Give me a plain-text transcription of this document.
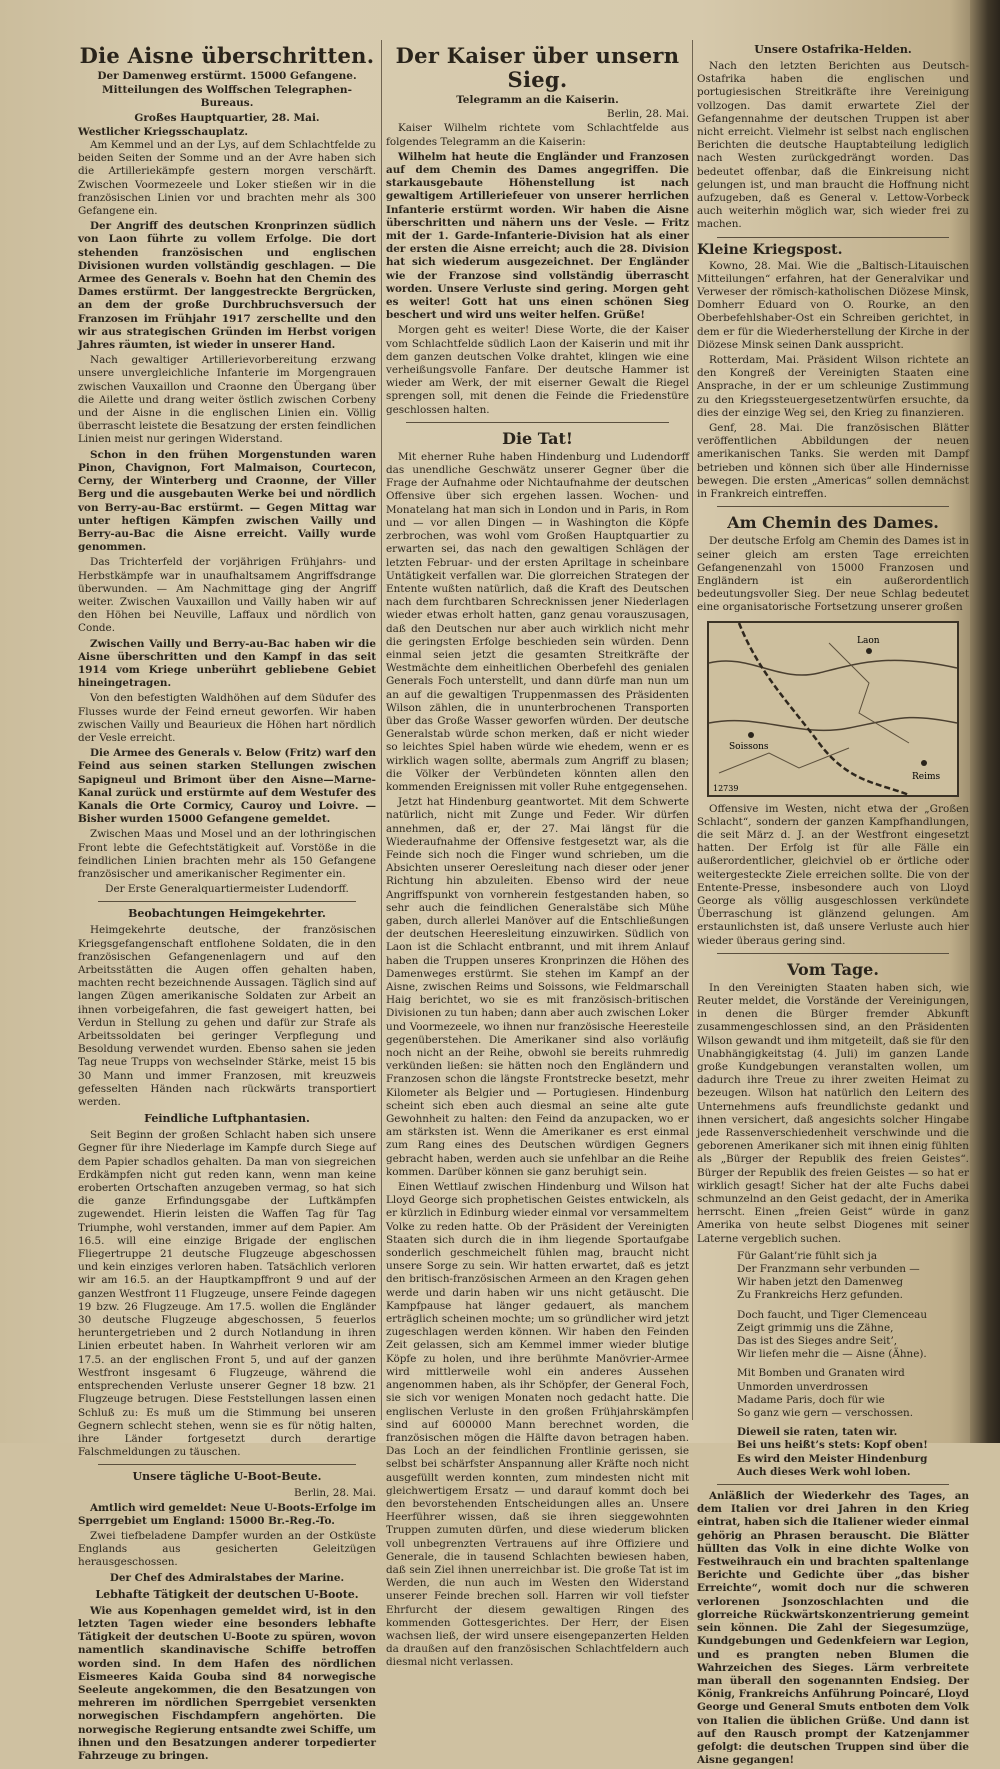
Die Aisne überschritten.
Der Damenweg erstürmt. 15000 Gefangene.
Mitteilungen des Wolffschen Telegraphen-Bureaus.
Großes Hauptquartier, 28. Mai.
Westlicher Kriegsschauplatz.

Am Kemmel und an der Lys, auf dem Schlachtfelde zu beiden Seiten der Somme und an der Avre haben sich die Artilleriekämpfe gestern morgen verschärft. Zwischen Voormezeele und Loker stießen wir in die französischen Linien vor und brachten mehr als 300 Gefangene ein.

Der Angriff des deutschen Kronprinzen südlich von Laon führte zu vollem Erfolge. Die dort stehenden französischen und englischen Divisionen wurden vollständig geschlagen. — Die Armee des Generals v. Boehn hat den Chemin des Dames erstürmt. Der langgestreckte Bergrücken, an dem der große Durchbruchsversuch der Franzosen im Frühjahr 1917 zerschellte und den wir aus strategischen Gründen im Herbst vorigen Jahres räumten, ist wieder in unserer Hand.

Nach gewaltiger Artillerievorbereitung erzwang unsere unvergleichliche Infanterie im Morgengrauen zwischen Vauxaillon und Craonne den Übergang über die Ailette und drang weiter östlich zwischen Corbeny und der Aisne in die englischen Linien ein. Völlig überrascht leistete die Besatzung der ersten feindlichen Linien meist nur geringen Widerstand.

Schon in den frühen Morgenstunden waren Pinon, Chavignon, Fort Malmaison, Courtecon, Cerny, der Winterberg und Craonne, der Viller Berg und die ausgebauten Werke bei und nördlich von Berry-au-Bac erstürmt. — Gegen Mittag war unter heftigen Kämpfen zwischen Vailly und Berry-au-Bac die Aisne erreicht. Vailly wurde genommen.

Das Trichterfeld der vorjährigen Frühjahrs- und Herbstkämpfe war in unaufhaltsamem Angriffsdrange überwunden. — Am Nachmittage ging der Angriff weiter. Zwischen Vauxaillon und Vailly haben wir auf den Höhen bei Neuville, Laffaux und nördlich von Conde.

Zwischen Vailly und Berry-au-Bac haben wir die Aisne überschritten und den Kampf in das seit 1914 vom Kriege unberührt gebliebene Gebiet hineingetragen.

Von den befestigten Waldhöhen auf dem Südufer des Flusses wurde der Feind erneut geworfen. Wir haben zwischen Vailly und Beaurieux die Höhen hart nördlich der Vesle erreicht.

Die Armee des Generals v. Below (Fritz) warf den Feind aus seinen starken Stellungen zwischen Sapigneul und Brimont über den Aisne—Marne-Kanal zurück und erstürmte auf dem Westufer des Kanals die Orte Cormicy, Cauroy und Loivre. — Bisher wurden 15000 Gefangene gemeldet.

Zwischen Maas und Mosel und an der lothringischen Front lebte die Gefechtstätigkeit auf. Vorstöße in die feindlichen Linien brachten mehr als 150 Gefangene französischer und amerikanischer Regimenter ein.

Der Erste Generalquartiermeister Ludendorff.
Beobachtungen Heimgekehrter.

Heimgekehrte deutsche, der französischen Kriegsgefangenschaft entflohene Soldaten, die in den französischen Gefangenenlagern und auf den Arbeitsstätten die Augen offen gehalten haben, machten recht bezeichnende Aussagen. Täglich sind auf langen Zügen amerikanische Soldaten zur Arbeit an ihnen vorbeigefahren, die fast geweigert hatten, bei Verdun in Stellung zu gehen und dafür zur Strafe als Arbeitssoldaten bei geringer Verpflegung und Besoldung verwendet wurden. Ebenso sahen sie jeden Tag neue Trupps von wechselnder Stärke, meist 15 bis 30 Mann und immer Franzosen, mit kreuzweis gefesselten Händen nach rückwärts transportiert werden.

Feindliche Luftphantasien.

Seit Beginn der großen Schlacht haben sich unsere Gegner für ihre Niederlage im Kampfe durch Siege auf dem Papier schadlos gehalten. Da man von siegreichen Erdkämpfen nicht gut reden kann, wenn man keine eroberten Ortschaften anzugeben vermag, so hat sich die ganze Erfindungsgabe der Luftkämpfen zugewendet. Hierin leisten die Waffen Tag für Tag Triumphe, wohl verstanden, immer auf dem Papier. Am 16.5. will eine einzige Brigade der englischen Fliegertruppe 21 deutsche Flugzeuge abgeschossen und kein einziges verloren haben. Tatsächlich verloren wir am 16.5. an der Hauptkampffront 9 und auf der ganzen Westfront 11 Flugzeuge, unsere Feinde dagegen 19 bzw. 26 Flugzeuge. Am 17.5. wollen die Engländer 30 deutsche Flugzeuge abgeschossen, 5 feuerlos heruntergetrieben und 2 durch Notlandung in ihren Linien erbeutet haben. In Wahrheit verloren wir am 17.5. an der englischen Front 5, und auf der ganzen Westfront insgesamt 6 Flugzeuge, während die entsprechenden Verluste unserer Gegner 18 bzw. 21 Flugzeuge betrugen. Diese Feststellungen lassen einen Schluß zu: Es muß um die Stimmung bei unseren Gegnern schlecht stehen, wenn sie es für nötig halten, ihre Länder fortgesetzt durch derartige Falschmeldungen zu täuschen.

Unsere tägliche U-Boot-Beute.
Berlin, 28. Mai.

Amtlich wird gemeldet: Neue U-Boots-Erfolge im Sperrgebiet um England: 15000 Br.-Reg.-To.

Zwei tiefbeladene Dampfer wurden an der Ostküste Englands aus gesicherten Geleitzügen herausgeschossen.

Der Chef des Admiralstabes der Marine.
Lebhafte Tätigkeit der deutschen U-Boote.

Wie aus Kopenhagen gemeldet wird, ist in den letzten Tagen wieder eine besonders lebhafte Tätigkeit der deutschen U-Boote zu spüren, wovon namentlich skandinavische Schiffe betroffen worden sind. In dem Hafen des nördlichen Eismeeres Kaida Gouba sind 84 norwegische Seeleute angekommen, die den Besatzungen von mehreren im nördlichen Sperrgebiet versenkten norwegischen Fischdampfern angehörten. Die norwegische Regierung entsandte zwei Schiffe, um ihnen und den Besatzungen anderer torpedierter Fahrzeuge zu bringen.

Der Kaiser über unsern Sieg.
Telegramm an die Kaiserin.
Berlin, 28. Mai.

Kaiser Wilhelm richtete vom Schlachtfelde aus folgendes Telegramm an die Kaiserin:

Wilhelm hat heute die Engländer und Franzosen auf dem Chemin des Dames angegriffen. Die starkausgebaute Höhenstellung ist nach gewaltigem Artilleriefeuer von unserer herrlichen Infanterie erstürmt worden. Wir haben die Aisne überschritten und nähern uns der Vesle. — Fritz mit der 1. Garde-Infanterie-Division hat als einer der ersten die Aisne erreicht; auch die 28. Division hat sich wiederum ausgezeichnet. Der Engländer wie der Franzose sind vollständig überrascht worden. Unsere Verluste sind gering. Morgen geht es weiter! Gott hat uns einen schönen Sieg beschert und wird uns weiter helfen. Grüße!

Morgen geht es weiter! Diese Worte, die der Kaiser vom Schlachtfelde südlich Laon der Kaiserin und mit ihr dem ganzen deutschen Volke drahtet, klingen wie eine verheißungsvolle Fanfare. Der deutsche Hammer ist wieder am Werk, der mit eiserner Gewalt die Riegel sprengen soll, mit denen die Feinde die Friedenstüre geschlossen halten.

Die Tat!

Mit eherner Ruhe haben Hindenburg und Ludendorff das unendliche Geschwätz unserer Gegner über die Frage der Aufnahme oder Nichtaufnahme der deutschen Offensive über sich ergehen lassen. Wochen- und Monatelang hat man sich in London und in Paris, in Rom und — vor allen Dingen — in Washington die Köpfe zerbrochen, was wohl vom Großen Hauptquartier zu erwarten sei, das nach den gewaltigen Schlägen der letzten Februar- und der ersten Apriltage in scheinbare Untätigkeit verfallen war. Die glorreichen Strategen der Entente wußten natürlich, daß die Kraft des Deutschen nach dem furchtbaren Schrecknissen jener Niederlagen wieder etwas erholt hatten, ganz genau vorauszusagen, daß den Deutschen nur aber auch wirklich nicht mehr die geringsten Erfolge beschieden sein würden. Denn einmal seien jetzt die gesamten Streitkräfte der Westmächte dem einheitlichen Oberbefehl des genialen Generals Foch unterstellt, und dann dürfe man nun um an auf die gewaltigen Truppenmassen des Präsidenten Wilson zählen, die in ununterbrochenen Transporten über das Große Wasser geworfen würden. Der deutsche Generalstab würde schon merken, daß er nicht wieder so leichtes Spiel haben würde wie ehedem, wenn er es wirklich wagen sollte, abermals zum Angriff zu blasen; die Völker der Verbündeten könnten allen den kommenden Ereignissen mit voller Ruhe entgegensehen.

Jetzt hat Hindenburg geantwortet. Mit dem Schwerte natürlich, nicht mit Zunge und Feder. Wir dürfen annehmen, daß er, der 27. Mai längst für die Wiederaufnahme der Offensive festgesetzt war, als die Feinde sich noch die Finger wund schrieben, um die Absichten unserer Oeresleitung nach dieser oder jener Richtung hin abzuleiten. Ebenso wird der neue Angriffspunkt von vornherein festgestanden haben, so sehr auch die feindlichen Generalstäbe sich Mühe gaben, durch allerlei Manöver auf die Entschließungen der deutschen Heeresleitung einzuwirken. Südlich von Laon ist die Schlacht entbrannt, und mit ihrem Anlauf haben die Truppen unseres Kronprinzen die Höhen des Damenweges erstürmt. Sie stehen im Kampf an der Aisne, zwischen Reims und Soissons, wie Feldmarschall Haig berichtet, wo sie es mit französisch-britischen Divisionen zu tun haben; dann aber auch zwischen Loker und Voormezeele, wo ihnen nur französische Heeresteile gegenüberstehen. Die Amerikaner sind also vorläufig noch nicht an der Reihe, obwohl sie bereits ruhmredig verkünden ließen: sie hätten noch den Engländern und Franzosen schon die längste Frontstrecke besetzt, mehr Kilometer als Belgier und — Portugiesen. Hindenburg scheint sich eben auch diesmal an seine alte gute Gewohnheit zu halten: den Feind da anzupacken, wo er am stärksten ist. Wenn die Amerikaner es erst einmal zum Rang eines des Deutschen würdigen Gegners gebracht haben, werden auch sie unfehlbar an die Reihe kommen. Darüber können sie ganz beruhigt sein.

Einen Wettlauf zwischen Hindenburg und Wilson hat Lloyd George sich prophetischen Geistes entwickeln, als er kürzlich in Edinburg wieder einmal vor versammeltem Volke zu reden hatte. Ob der Präsident der Vereinigten Staaten sich durch die in ihm liegende Sportaufgabe sonderlich geschmeichelt fühlen mag, braucht nicht unsere Sorge zu sein. Wir hatten erwartet, daß es jetzt den britisch-französischen Armeen an den Kragen gehen werde und darin haben wir uns nicht getäuscht. Die Kampfpause hat länger gedauert, als manchem erträglich scheinen mochte; um so gründlicher wird jetzt zugeschlagen werden können. Wir haben den Feinden Zeit gelassen, sich am Kemmel immer wieder blutige Köpfe zu holen, und ihre berühmte Manövrier-Armee wird mittlerweile wohl ein anderes Aussehen angenommen haben, als ihr Schöpfer, der General Foch, sie sich vor wenigen Monaten noch gedacht hatte. Die englischen Verluste in den großen Frühjahrskämpfen sind auf 600000 Mann berechnet worden, die französischen mögen die Hälfte davon betragen haben. Das Loch an der feindlichen Frontlinie gerissen, sie selbst bei schärfster Anspannung aller Kräfte noch nicht ausgefüllt werden konnten, zum mindesten nicht mit gleichwertigem Ersatz — und darauf kommt doch bei den bevorstehenden Entscheidungen alles an. Unsere Heerführer wissen, daß sie ihren sieggewohnten Truppen zumuten dürfen, und diese wiederum blicken voll unbegrenzten Vertrauens auf ihre Offiziere und Generale, die in tausend Schlachten bewiesen haben, daß sein Ziel ihnen unerreichbar ist. Die große Tat ist im Werden, die nun auch im Westen den Widerstand unserer Feinde brechen soll. Harren wir voll tiefster Ehrfurcht der diesem gewaltigen Ringen des kommenden Gottesgerichtes. Der Herr, der Eisen wachsen ließ, der wird unsere eisengepanzerten Helden da draußen auf den französischen Schlachtfeldern auch diesmal nicht verlassen.

Unsere Ostafrika-Helden.

Nach den letzten Berichten aus Deutsch-Ostafrika haben die englischen und portugiesischen Streitkräfte ihre Vereinigung vollzogen. Das damit erwartete Ziel der Gefangennahme der deutschen Truppen ist aber nicht erreicht. Vielmehr ist selbst nach englischen Berichten die deutsche Hauptabteilung lediglich nach Westen zurückgedrängt worden. Das bedeutet offenbar, daß die Einkreisung nicht gelungen ist, und man braucht die Hoffnung nicht aufzugeben, daß es General v. Lettow-Vorbeck auch weiterhin möglich war, sich wieder frei zu machen.

Kleine Kriegspost.

Kowno, 28. Mai. Wie die „Baltisch-Litauischen Mitteilungen“ erfahren, hat der Generalvikar und Verweser der römisch-katholischen Diözese Minsk, Domherr Eduard von O. Rourke, an den Oberbefehlshaber-Ost ein Schreiben gerichtet, in dem er für die Wiederherstellung der Kirche in der Diözese Minsk seinen Dank ausspricht.

Rotterdam, Mai. Präsident Wilson richtete an den Kongreß der Vereinigten Staaten eine Ansprache, in der er um schleunige Zustimmung zu den Kriegssteuergesetzentwürfen ersuchte, da dies der einzige Weg sei, den Krieg zu finanzieren.

Genf, 28. Mai. Die französischen Blätter veröffentlichen Abbildungen der neuen amerikanischen Tanks. Sie werden mit Dampf betrieben und können sich über alle Hindernisse bewegen. Die ersten „Americas“ sollen demnächst in Frankreich eintreffen.

Am Chemin des Dames.

Der deutsche Erfolg am Chemin des Dames ist in seiner gleich am ersten Tage erreichten Gefangenenzahl von 15000 Franzosen und Engländern ist ein außerordentlich bedeutungsvoller Sieg. Der neue Schlag bedeutet eine organisatorische Fortsetzung unserer großen

Soissons
Laon
Reims
12739

Offensive im Westen, nicht etwa der „Großen Schlacht“, sondern der ganzen Kampfhandlungen, die seit März d. J. an der Westfront eingesetzt hatten. Der Erfolg ist für alle Fälle ein außerordentlicher, gleichviel ob er örtliche oder weitergesteckte Ziele erreichen sollte. Die von der Entente-Presse, insbesondere auch von Lloyd George als völlig ausgeschlossen verkündete Überraschung ist glänzend gelungen. Am erstaunlichsten ist, daß unsere Verluste auch hier wieder überaus gering sind.

Vom Tage.

In den Vereinigten Staaten haben sich, wie Reuter meldet, die Vorstände der Vereinigungen, in denen die Bürger fremder Abkunft zusammengeschlossen sind, an den Präsidenten Wilson gewandt und ihm mitgeteilt, daß sie für den Unabhängigkeitstag (4. Juli) im ganzen Lande große Kundgebungen veranstalten wollen, um dadurch ihre Treue zu ihrer zweiten Heimat zu bezeugen. Wilson hat natürlich den Leitern des Unternehmens aufs freundlichste gedankt und ihnen versichert, daß angesichts solcher Hingabe jede Rassenverschiedenheit verschwinde und die geborenen Amerikaner sich mit ihnen einig fühlten als „Bürger der Republik des freien Geistes“. Bürger der Republik des freien Geistes — so hat er wirklich gesagt! Sicher hat der alte Fuchs dabei schmunzelnd an den Geist gedacht, der in Amerika herrscht. Einen „freien Geist“ würde in ganz Amerika von heute selbst Diogenes mit seiner Laterne vergeblich suchen.

Für Galant’rie fühlt sich ja
Der Franzmann sehr verbunden —
Wir haben jetzt den Damenweg
Zu Frankreichs Herz gefunden.
Doch faucht, und Tiger Clemenceau
Zeigt grimmig uns die Zähne,
Das ist des Sieges andre Seit’,
Wir liefen mehr die — Aisne (Ähne).
Mit Bomben und Granaten wird
Unmorden unverdrossen
Madame Paris, doch für wie
So ganz wie gern — verschossen.
Dieweil sie raten, taten wir.
Bei uns heißt’s stets: Kopf oben!
Es wird den Meister Hindenburg
Auch dieses Werk wohl loben.

Anläßlich der Wiederkehr des Tages, an dem Italien vor drei Jahren in den Krieg eintrat, haben sich die Italiener wieder einmal gehörig an Phrasen berauscht. Die Blätter hüllten das Volk in eine dichte Wolke von Festweihrauch ein und brachten spaltenlange Berichte und Gedichte über „das bisher Erreichte“, womit doch nur die schweren verlorenen Jsonzoschlachten und die glorreiche Rückwärtskonzentrierung gemeint sein können. Die Zahl der Siegesumzüge, Kundgebungen und Gedenkfeiern war Legion, und es prangten neben Blumen die Wahrzeichen des Sieges. Lärm verbreitete man überall den sogenannten Endsieg. Der König, Frankreichs Anführung Poincaré, Lloyd George und General Smuts entboten dem Volk von Italien die üblichen Grüße. Und dann ist auf den Rausch prompt der Katzenjammer gefolgt: die deutschen Truppen sind über die Aisne gegangen!
